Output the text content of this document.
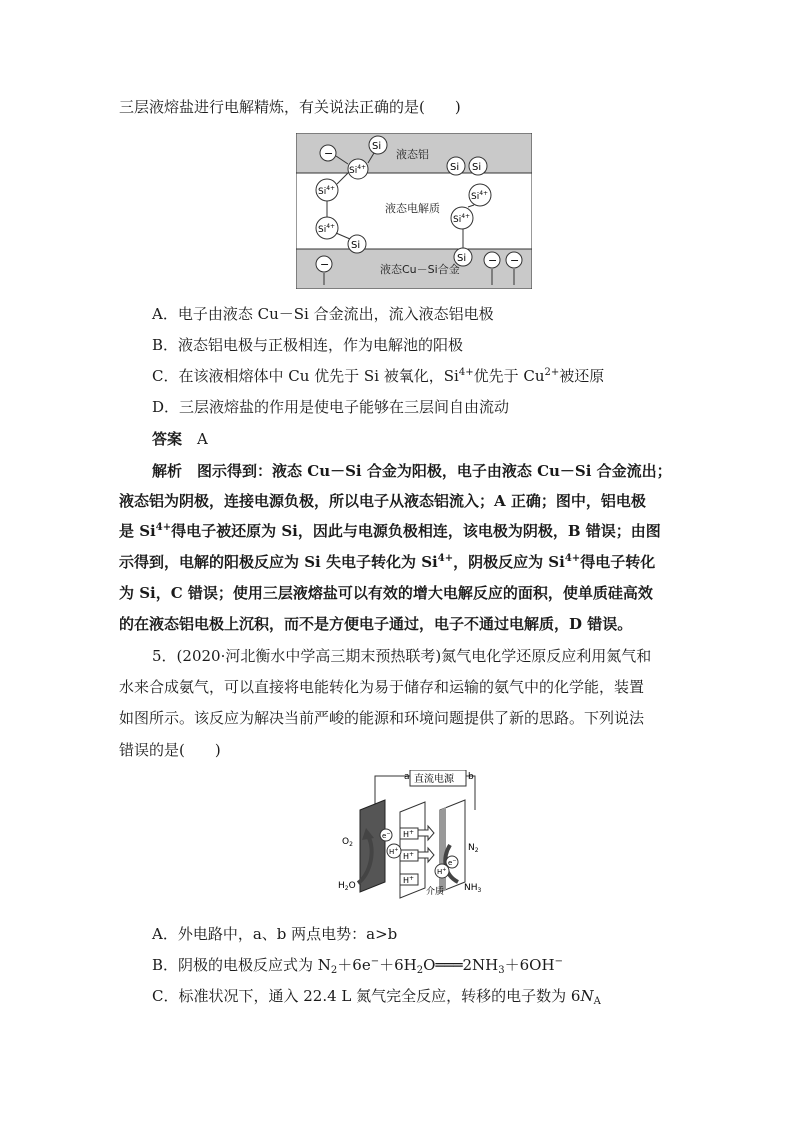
三层液熔盐进行电解精炼，有关说法正确的是(　　)
液态铝
液态电解质
液态Cu－Si合金
−
Si
$Si^{4+}$	Si Si
$Si^{4+}$
$Si^{4+}$
Si
$Si^{4+}$
$Si^{4+}$
Si
−	− −
A．电子由液态 Cu－Si 合金流出，流入液态铝电极
B．液态铝电极与正极相连，作为电解池的阳极
C．在该液相熔体中 Cu 优先于 Si 被氧化，$Si^{4+}$优先于 $Cu^{2+}$被还原
D．三层液熔盐的作用是使电子能够在三层间自由流动
答案　 A
解析　 图示得到：液态 Cu－Si 合金为阳极，电子由液态 Cu－Si 合金流出；
液态铝为阴极，连接电源负极，所以电子从液态铝流入；A 正确；图中，铝电极
是 $Si^{4+}$得电子被还原为 Si，因此与电源负极相连，该电极为阴极，B 错误；由图
示得到，电解的阳极反应为 Si 失电子转化为 $Si^{4+}$，阴极反应为 $Si^{4+}$得电子转化
为 Si，C 错误；使用三层液熔盐可以有效的增大电解反应的面积，使单质硅高效
的在液态铝电极上沉积，而不是方便电子通过，电子不通过电解质，D 错误。
5．(2020·河北衡水中学高三期末预热联考)氮气电化学还原反应利用氮气和
水来合成氨气，可以直接将电能转化为易于储存和运输的氨气中的化学能，装置
如图所示。该反应为解决当前严峻的能源和环境问题提供了新的思路。下列说法
错误的是(　　)
直流电源
a	b
H+
H+
H+
$O_2$
$H_2O$
$N_2$
$NH_3$
介质
e−
H+
e−
H+
A．外电路中，a、b 两点电势：a>b
B．阴极的电极反应式为 $N_2+6e^-+6H_2O═══2NH_3+6OH^-$
C．标准状况下，通入 22.4 L 氮气完全反应，转移的电子数为 $6N_A$
